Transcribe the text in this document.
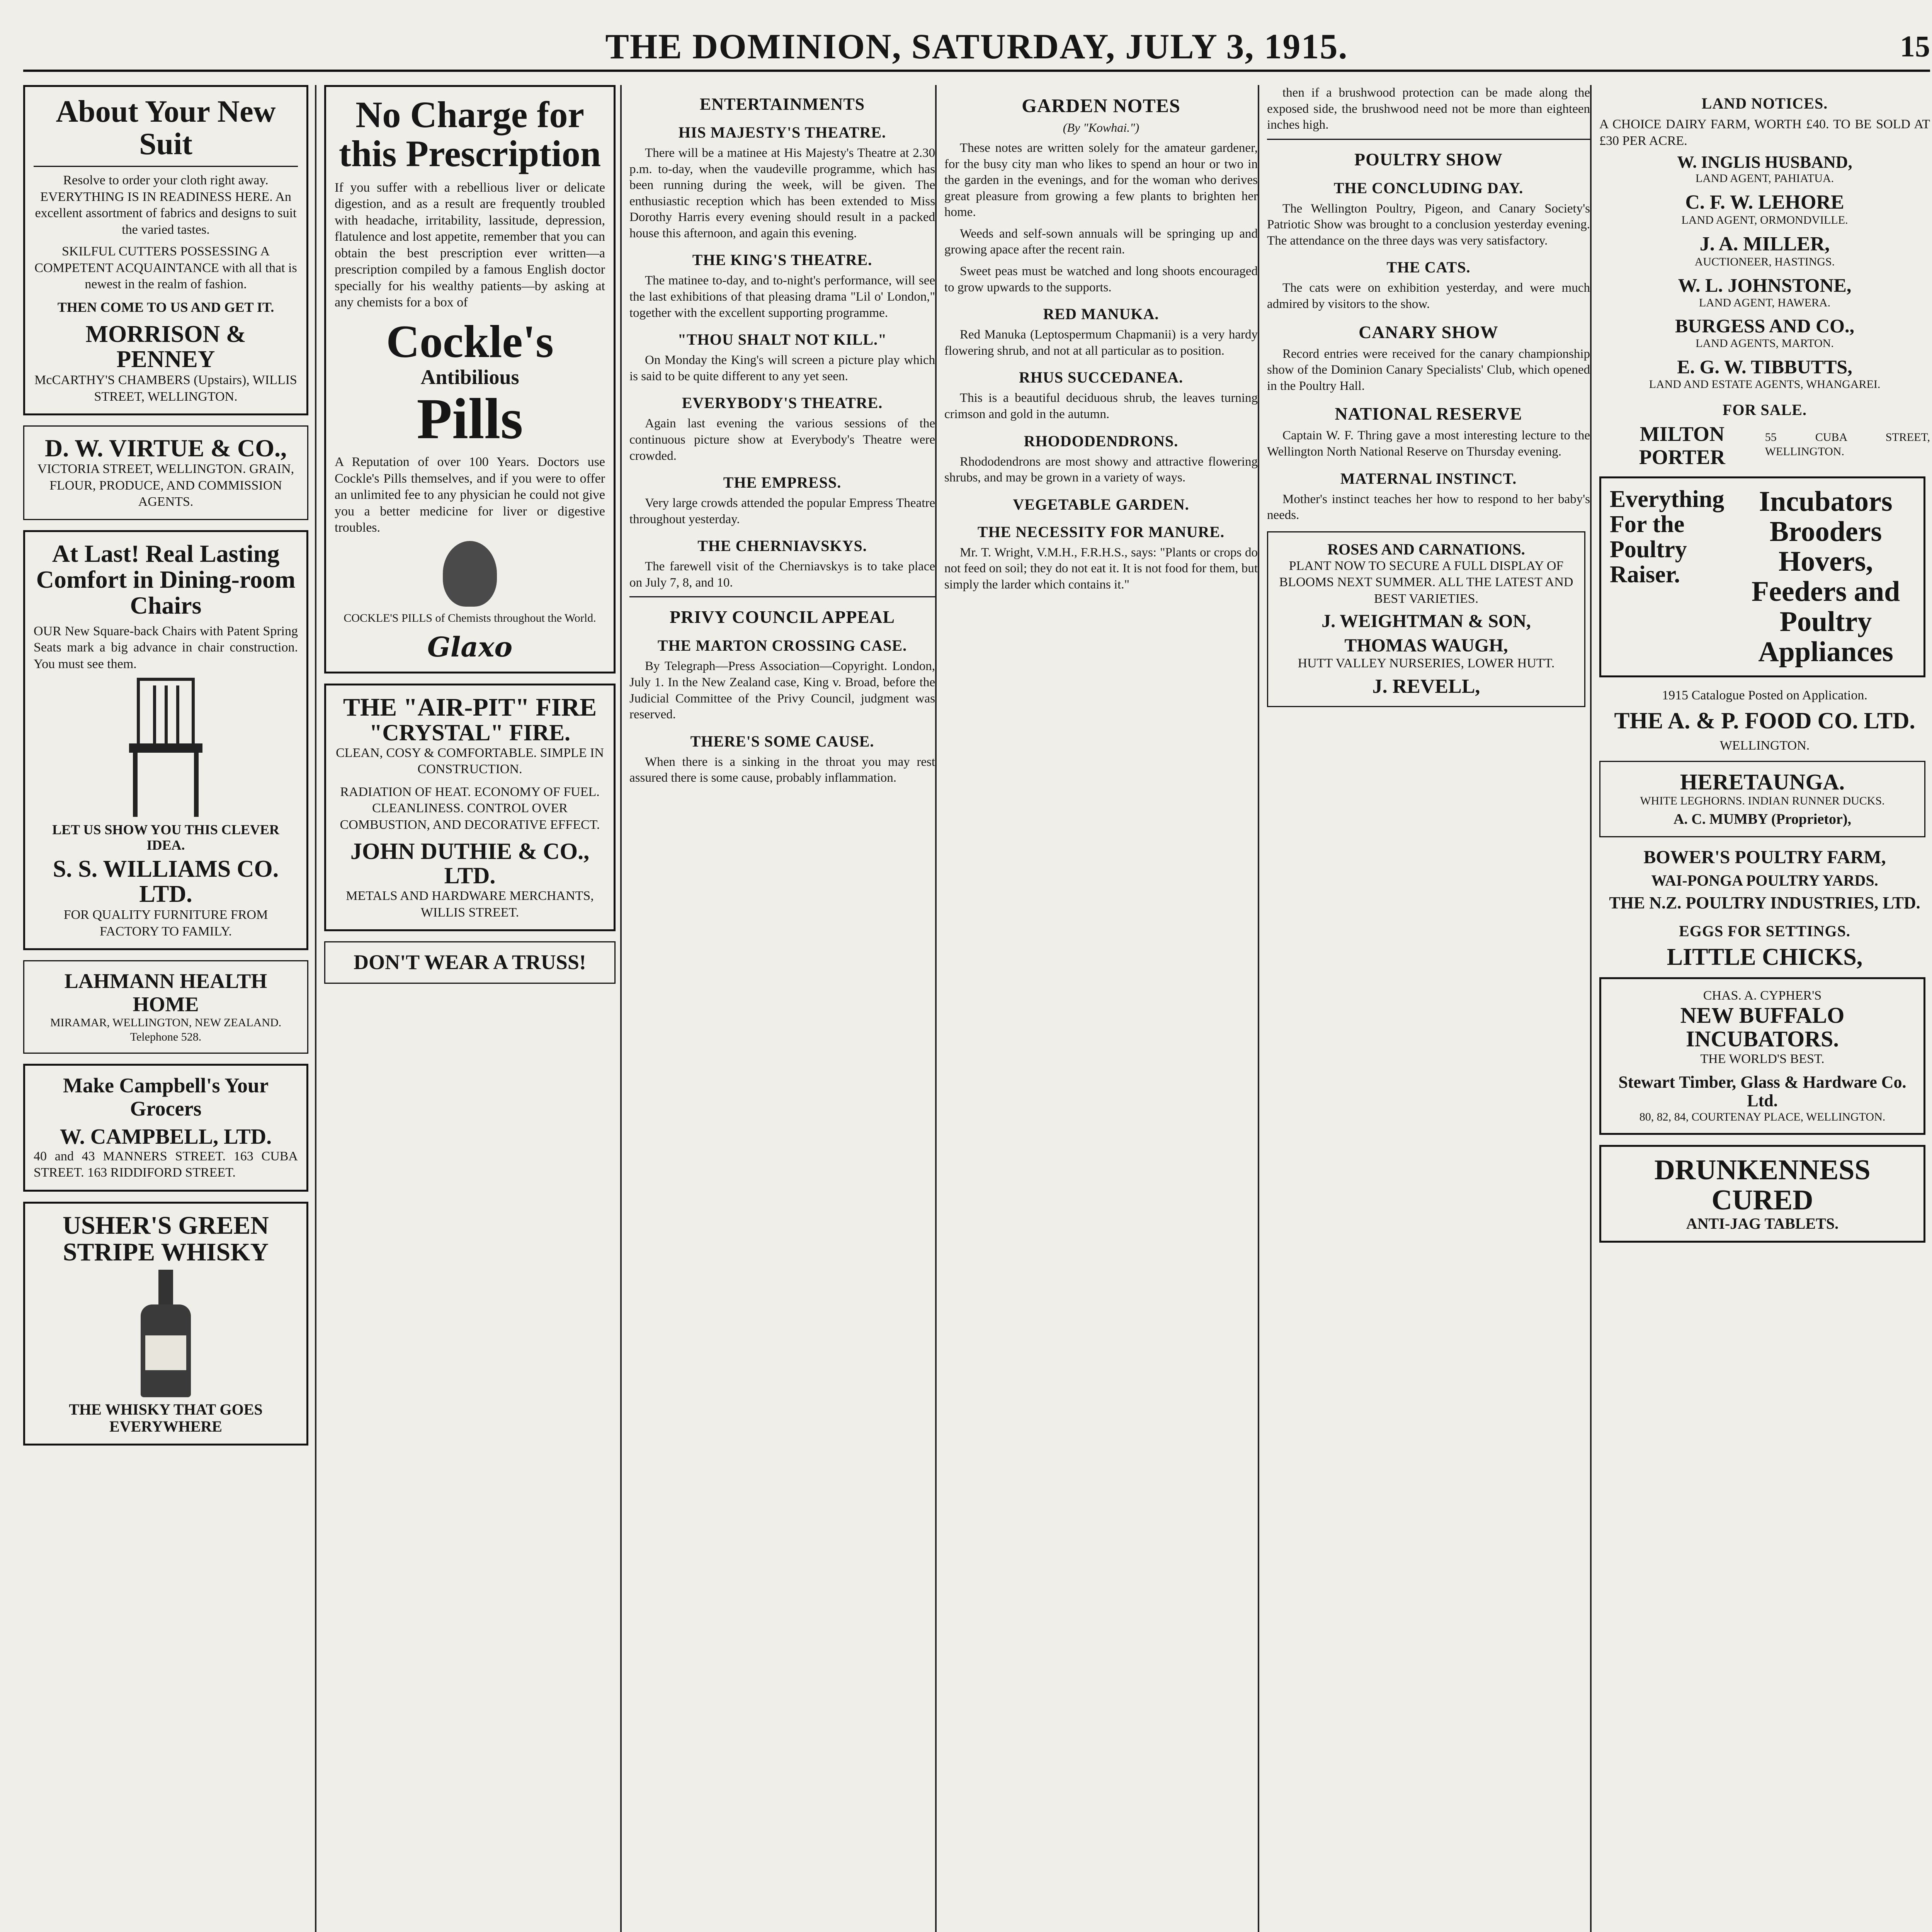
THE DOMINION, SATURDAY, JULY 3, 1915.	15
About Your New Suit
Resolve to order your cloth right away. EVERYTHING IS IN READINESS HERE. An excellent assortment of fabrics and designs to suit the varied tastes.
SKILFUL CUTTERS POSSESSING A COMPETENT ACQUAINTANCE with all that is newest in the realm of fashion.
THEN COME TO US AND GET IT.
MORRISON & PENNEY
McCARTHY'S CHAMBERS (Upstairs), WILLIS STREET, WELLINGTON.
D. W. VIRTUE & CO.,
VICTORIA STREET, WELLINGTON. GRAIN, FLOUR, PRODUCE, AND COMMISSION AGENTS.
At Last! Real Lasting Comfort in Dining-room Chairs
OUR New Square-back Chairs with Patent Spring Seats mark a big advance in chair construction. You must see them.
LET US SHOW YOU THIS CLEVER IDEA.
S. S. WILLIAMS CO. LTD.
FOR QUALITY FURNITURE FROM FACTORY TO FAMILY.
LAHMANN HEALTH HOME
MIRAMAR, WELLINGTON, NEW ZEALAND. Telephone 528.
Make Campbell's Your Grocers
W. CAMPBELL, LTD.
40 and 43 MANNERS STREET. 163 CUBA STREET. 163 RIDDIFORD STREET.
USHER'S GREEN STRIPE WHISKY
THE WHISKY THAT GOES EVERYWHERE
No Charge for this Prescription
If you suffer with a rebellious liver or delicate digestion, and as a result are frequently troubled with headache, irritability, lassitude, depression, flatulence and lost appetite, remember that you can obtain the best prescription ever written—a prescription compiled by a famous English doctor specially for his wealthy patients—by asking at any chemists for a box of
Cockle's
Antibilious
Pills
A Reputation of over 100 Years. Doctors use Cockle's Pills themselves, and if you were to offer an unlimited fee to any physician he could not give you a better medicine for liver or digestive troubles.
COCKLE'S PILLS of Chemists throughout the World.
Glaxo
THE "AIR-PIT" FIRE
"CRYSTAL" FIRE.
CLEAN, COSY & COMFORTABLE. SIMPLE IN CONSTRUCTION.
RADIATION OF HEAT. ECONOMY OF FUEL. CLEANLINESS. CONTROL OVER COMBUSTION, AND DECORATIVE EFFECT.
JOHN DUTHIE & CO., LTD.
METALS AND HARDWARE MERCHANTS, WILLIS STREET.
DON'T WEAR A TRUSS!
ENTERTAINMENTS
HIS MAJESTY'S THEATRE.

There will be a matinee at His Majesty's Theatre at 2.30 p.m. to-day, when the vaudeville programme, which has been running during the week, will be given. The enthusiastic reception which has been extended to Miss Dorothy Harris every evening should result in a packed house this afternoon, and again this evening.

THE KING'S THEATRE.

The matinee to-day, and to-night's performance, will see the last exhibitions of that pleasing drama "Lil o' London," together with the excellent supporting programme.

"THOU SHALT NOT KILL."

On Monday the King's will screen a picture play which is said to be quite different to any yet seen.

EVERYBODY'S THEATRE.

Again last evening the various sessions of the continuous picture show at Everybody's Theatre were crowded.

THE EMPRESS.

Very large crowds attended the popular Empress Theatre throughout yesterday.

THE CHERNIAVSKYS.

The farewell visit of the Cherniavskys is to take place on July 7, 8, and 10.

PRIVY COUNCIL APPEAL
THE MARTON CROSSING CASE.

By Telegraph—Press Association—Copyright. London, July 1. In the New Zealand case, King v. Broad, before the Judicial Committee of the Privy Council, judgment was reserved.

THERE'S SOME CAUSE.

When there is a sinking in the throat you may rest assured there is some cause, probably inflammation.

GARDEN NOTES
(By "Kowhai.")

These notes are written solely for the amateur gardener, for the busy city man who likes to spend an hour or two in the garden in the evenings, and for the woman who derives great pleasure from growing a few plants to brighten her home.

Weeds and self-sown annuals will be springing up and growing apace after the recent rain.

Sweet peas must be watched and long shoots encouraged to grow upwards to the supports.

RED MANUKA.

Red Manuka (Leptospermum Chapmanii) is a very hardy flowering shrub, and not at all particular as to position.

RHUS SUCCEDANEA.

This is a beautiful deciduous shrub, the leaves turning crimson and gold in the autumn.

RHODODENDRONS.

Rhododendrons are most showy and attractive flowering shrubs, and may be grown in a variety of ways.

VEGETABLE GARDEN.
THE NECESSITY FOR MANURE.

Mr. T. Wright, V.M.H., F.R.H.S., says: "Plants or crops do not feed on soil; they do not eat it. It is not food for them, but simply the larder which contains it."

then if a brushwood protection can be made along the exposed side, the brushwood need not be more than eighteen inches high.

POULTRY SHOW
THE CONCLUDING DAY.

The Wellington Poultry, Pigeon, and Canary Society's Patriotic Show was brought to a conclusion yesterday evening. The attendance on the three days was very satisfactory.

THE CATS.

The cats were on exhibition yesterday, and were much admired by visitors to the show.

CANARY SHOW

Record entries were received for the canary championship show of the Dominion Canary Specialists' Club, which opened in the Poultry Hall.

NATIONAL RESERVE

Captain W. F. Thring gave a most interesting lecture to the Wellington North National Reserve on Thursday evening.

MATERNAL INSTINCT.

Mother's instinct teaches her how to respond to her baby's needs.

ROSES AND CARNATIONS.
PLANT NOW TO SECURE A FULL DISPLAY OF BLOOMS NEXT SUMMER. ALL THE LATEST AND BEST VARIETIES.
J. WEIGHTMAN & SON,
THOMAS WAUGH,
HUTT VALLEY NURSERIES, LOWER HUTT.
J. REVELL,
LAND NOTICES.
A CHOICE DAIRY FARM, WORTH £40. TO BE SOLD AT £30 PER ACRE.
W. INGLIS HUSBAND,
LAND AGENT, PAHIATUA.
C. F. W. LEHORE
LAND AGENT, ORMONDVILLE.
J. A. MILLER,
AUCTIONEER, HASTINGS.
W. L. JOHNSTONE,
LAND AGENT, HAWERA.
BURGESS AND CO.,
LAND AGENTS, MARTON.
E. G. W. TIBBUTTS,
LAND AND ESTATE AGENTS, WHANGAREI.
FOR SALE.
MILTON PORTER
55 CUBA STREET, WELLINGTON.
Everything For the Poultry Raiser.
Incubators Brooders Hovers, Feeders and Poultry Appliances
1915 Catalogue Posted on Application.
THE A. & P. FOOD CO. LTD.
WELLINGTON.
HERETAUNGA.
WHITE LEGHORNS. INDIAN RUNNER DUCKS.
A. C. MUMBY (Proprietor),
BOWER'S POULTRY FARM,
WAI-PONGA POULTRY YARDS.
THE N.Z. POULTRY INDUSTRIES, LTD.
EGGS FOR SETTINGS.
LITTLE CHICKS,
CHAS. A. CYPHER'S
NEW BUFFALO INCUBATORS.
THE WORLD'S BEST.
Stewart Timber, Glass & Hardware Co. Ltd.
80, 82, 84, COURTENAY PLACE, WELLINGTON.
DRUNKENNESS CURED
ANTI-JAG TABLETS.
